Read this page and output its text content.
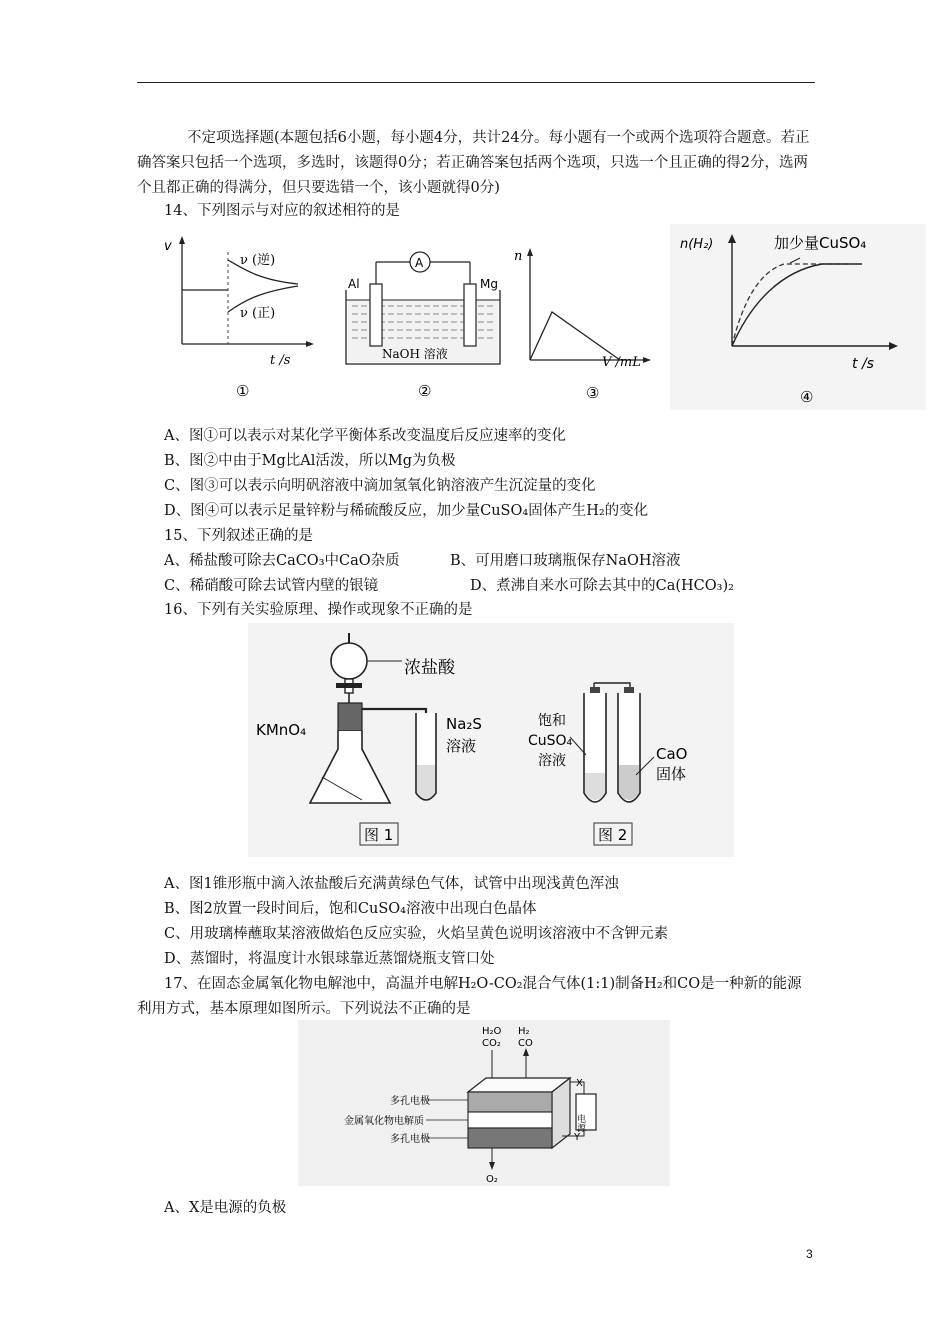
不定项选择题(本题包括6小题，每小题4分，共计24分。每小题有一个或两个选项符合题意。若正确答案只包括一个选项，多选时，该题得0分；若正确答案包括两个选项，只选一个且正确的得2分，选两个且都正确的得满分，但只要选错一个，该小题就得0分)
14、下列图示与对应的叙述相符的是
v
ν (逆)
ν (正)
t /s
①
A
Al	Mg
NaOH 溶液
②
n
V /mL
③
n(H₂)	加少量CuSO₄
t /s
④
A、图①可以表示对某化学平衡体系改变温度后反应速率的变化
B、图②中由于Mg比Al活泼，所以Mg为负极
C、图③可以表示向明矾溶液中滴加氢氧化钠溶液产生沉淀量的变化
D、图④可以表示足量锌粉与稀硫酸反应，加少量CuSO₄固体产生H₂的变化
15、下列叙述正确的是
A、稀盐酸可除去CaCO₃中CaO杂质	B、可用磨口玻璃瓶保存NaOH溶液
C、稀硝酸可除去试管内壁的银镜	D、煮沸自来水可除去其中的Ca(HCO₃)₂
16、下列有关实验原理、操作或现象不正确的是
浓盐酸
KMnO₄	Na₂S
溶液
饱和
CuSO₄
溶液	CaO
固体
图 1	图 2
A、图1锥形瓶中滴入浓盐酸后充满黄绿色气体，试管中出现浅黄色浑浊
B、图2放置一段时间后，饱和CuSO₄溶液中出现白色晶体
C、用玻璃棒蘸取某溶液做焰色反应实验，火焰呈黄色说明该溶液中不含钾元素
D、蒸馏时，将温度计水银球靠近蒸馏烧瓶支管口处
17、在固态金属氧化物电解池中，高温并电解H₂O-CO₂混合气体(1:1)制备H₂和CO是一种新的能源利用方式，基本原理如图所示。下列说法不正确的是
H₂O
CO₂
H₂
CO
多孔电极
金属氧化物电解质
多孔电极
X
电源
Y
O₂
A、X是电源的负极
3
